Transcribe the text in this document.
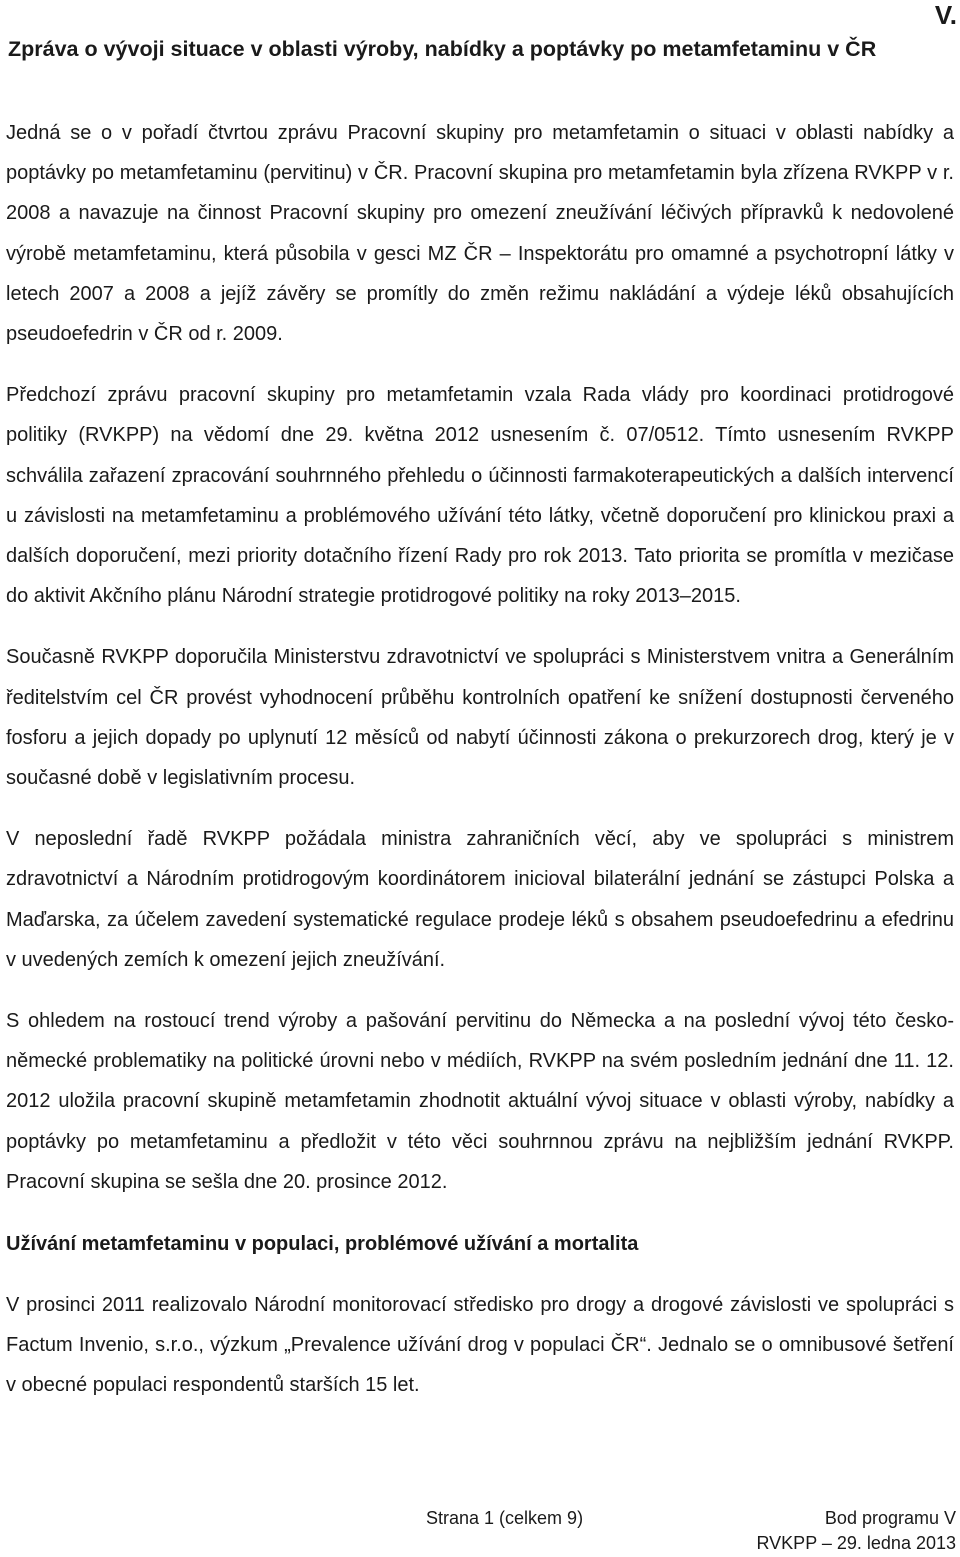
V.
Zpráva o vývoji situace v oblasti výroby, nabídky a poptávky po metamfetaminu v ČR

Jedná se o v pořadí čtvrtou zprávu Pracovní skupiny pro metamfetamin o situaci v oblasti nabídky a poptávky po metamfetaminu (pervitinu) v ČR. Pracovní skupina pro metamfetamin byla zřízena RVKPP v r. 2008 a navazuje na činnost Pracovní skupiny pro omezení zneužívání léčivých přípravků k nedovolené výrobě metamfetaminu, která působila v gesci MZ ČR – Inspektorátu pro omamné a psychotropní látky v letech 2007 a 2008 a jejíž závěry se promítly do změn režimu nakládání a výdeje léků obsahujících pseudoefedrin v ČR od r. 2009.

Předchozí zprávu pracovní skupiny pro metamfetamin vzala Rada vlády pro koordinaci protidrogové politiky (RVKPP) na vědomí dne 29. května 2012 usnesením č. 07/0512. Tímto usnesením RVKPP schválila zařazení zpracování souhrnného přehledu o účinnosti farmakoterapeutických a dalších intervencí u závislosti na metamfetaminu a problémového užívání této látky, včetně doporučení pro klinickou praxi a dalších doporučení, mezi priority dotačního řízení Rady pro rok 2013. Tato priorita se promítla v mezičase do aktivit Akčního plánu Národní strategie protidrogové politiky na roky 2013–2015.

Současně RVKPP doporučila Ministerstvu zdravotnictví ve spolupráci s Ministerstvem vnitra a Generálním ředitelstvím cel ČR provést vyhodnocení průběhu kontrolních opatření ke snížení dostupnosti červeného fosforu a jejich dopady po uplynutí 12 měsíců od nabytí účinnosti zákona o prekurzorech drog, který je v současné době v legislativním procesu.

V neposlední řadě RVKPP požádala ministra zahraničních věcí, aby ve spolupráci s ministrem zdravotnictví a Národním protidrogovým koordinátorem inicioval bilaterální jednání se zástupci Polska a Maďarska, za účelem zavedení systematické regulace prodeje léků s obsahem pseudoefedrinu a efedrinu v uvedených zemích k omezení jejich zneužívání.

S ohledem na rostoucí trend výroby a pašování pervitinu do Německa a na poslední vývoj této česko-německé problematiky na politické úrovni nebo v médiích, RVKPP na svém posledním jednání dne 11. 12. 2012 uložila pracovní skupině metamfetamin zhodnotit aktuální vývoj situace v oblasti výroby, nabídky a poptávky po metamfetaminu a předložit v této věci souhrnnou zprávu na nejbližším jednání RVKPP. Pracovní skupina se sešla dne 20. prosince 2012.

Užívání metamfetaminu v populaci, problémové užívání a mortalita

V prosinci 2011 realizovalo Národní monitorovací středisko pro drogy a drogové závislosti ve spolupráci s Factum Invenio, s.r.o., výzkum „Prevalence užívání drog v populaci ČR“. Jednalo se o omnibusové šetření v obecné populaci respondentů starších 15 let.

Strana 1 (celkem 9)	Bod programu V
RVKPP – 29. ledna 2013
